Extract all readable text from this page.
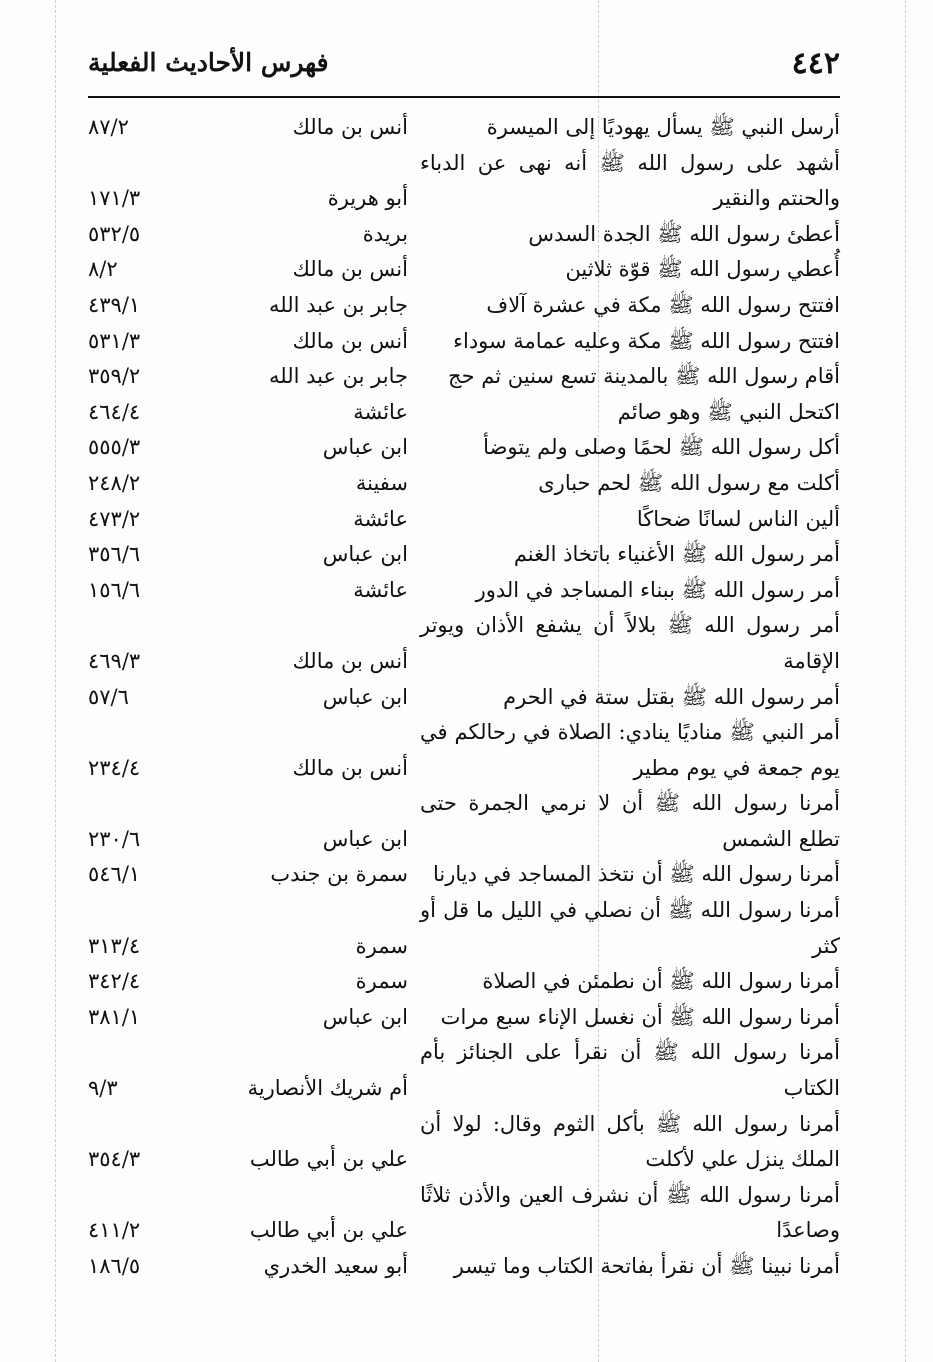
٤٤٢
فهرس الأحاديث الفعلية
أرسل النبي ﷺ يسأل يهوديًا إلى الميسرة
أنس بن مالك
٨٧/٢
أشهد على رسول الله ﷺ أنه نهى عن الدباء والحنتم والنقير
أبو هريرة
١٧١/٣
أعطئ رسول الله ﷺ الجدة السدس
بريدة
٥٣٢/٥
أُعطي رسول الله ﷺ قوّة ثلاثين
أنس بن مالك
٨/٢
افتتح رسول الله ﷺ مكة في عشرة آلاف
جابر بن عبد الله
٤٣٩/١
افتتح رسول الله ﷺ مكة وعليه عمامة سوداء
أنس بن مالك
٥٣١/٣
أقام رسول الله ﷺ بالمدينة تسع سنين ثم حج
جابر بن عبد الله
٣٥٩/٢
اكتحل النبي ﷺ وهو صائم
عائشة
٤٦٤/٤
أكل رسول الله ﷺ لحمًا وصلى ولم يتوضأ
ابن عباس
٥٥٥/٣
أكلت مع رسول الله ﷺ لحم حبارى
سفينة
٢٤٨/٢
ألين الناس لسانًا ضحاكًا
عائشة
٤٧٣/٢
أمر رسول الله ﷺ الأغنياء باتخاذ الغنم
ابن عباس
٣٥٦/٦
أمر رسول الله ﷺ ببناء المساجد في الدور
عائشة
١٥٦/٦
أمر رسول الله ﷺ بلالاً أن يشفع الأذان ويوتر الإقامة
أنس بن مالك
٤٦٩/٣
أمر رسول الله ﷺ بقتل ستة في الحرم
ابن عباس
٥٧/٦
أمر النبي ﷺ مناديًا ينادي: الصلاة في رحالكم في يوم جمعة في يوم مطير
أنس بن مالك
٢٣٤/٤
أمرنا رسول الله ﷺ أن لا نرمي الجمرة حتى تطلع الشمس
ابن عباس
٢٣٠/٦
أمرنا رسول الله ﷺ أن نتخذ المساجد في ديارنا
سمرة بن جندب
٥٤٦/١
أمرنا رسول الله ﷺ أن نصلي في الليل ما قل أو كثر
سمرة
٣١٣/٤
أمرنا رسول الله ﷺ أن نطمئن في الصلاة
سمرة
٣٤٢/٤
أمرنا رسول الله ﷺ أن نغسل الإناء سبع مرات
ابن عباس
٣٨١/١
أمرنا رسول الله ﷺ أن نقرأ على الجنائز بأم الكتاب
أم شريك الأنصارية
٩/٣
أمرنا رسول الله ﷺ بأكل الثوم وقال: لولا أن الملك ينزل علي لأكلت
علي بن أبي طالب
٣٥٤/٣
أمرنا رسول الله ﷺ أن نشرف العين والأذن ثلاثًا وصاعدًا
علي بن أبي طالب
٤١١/٢
أمرنا نبينا ﷺ أن نقرأ بفاتحة الكتاب وما تيسر
أبو سعيد الخدري
١٨٦/٥
